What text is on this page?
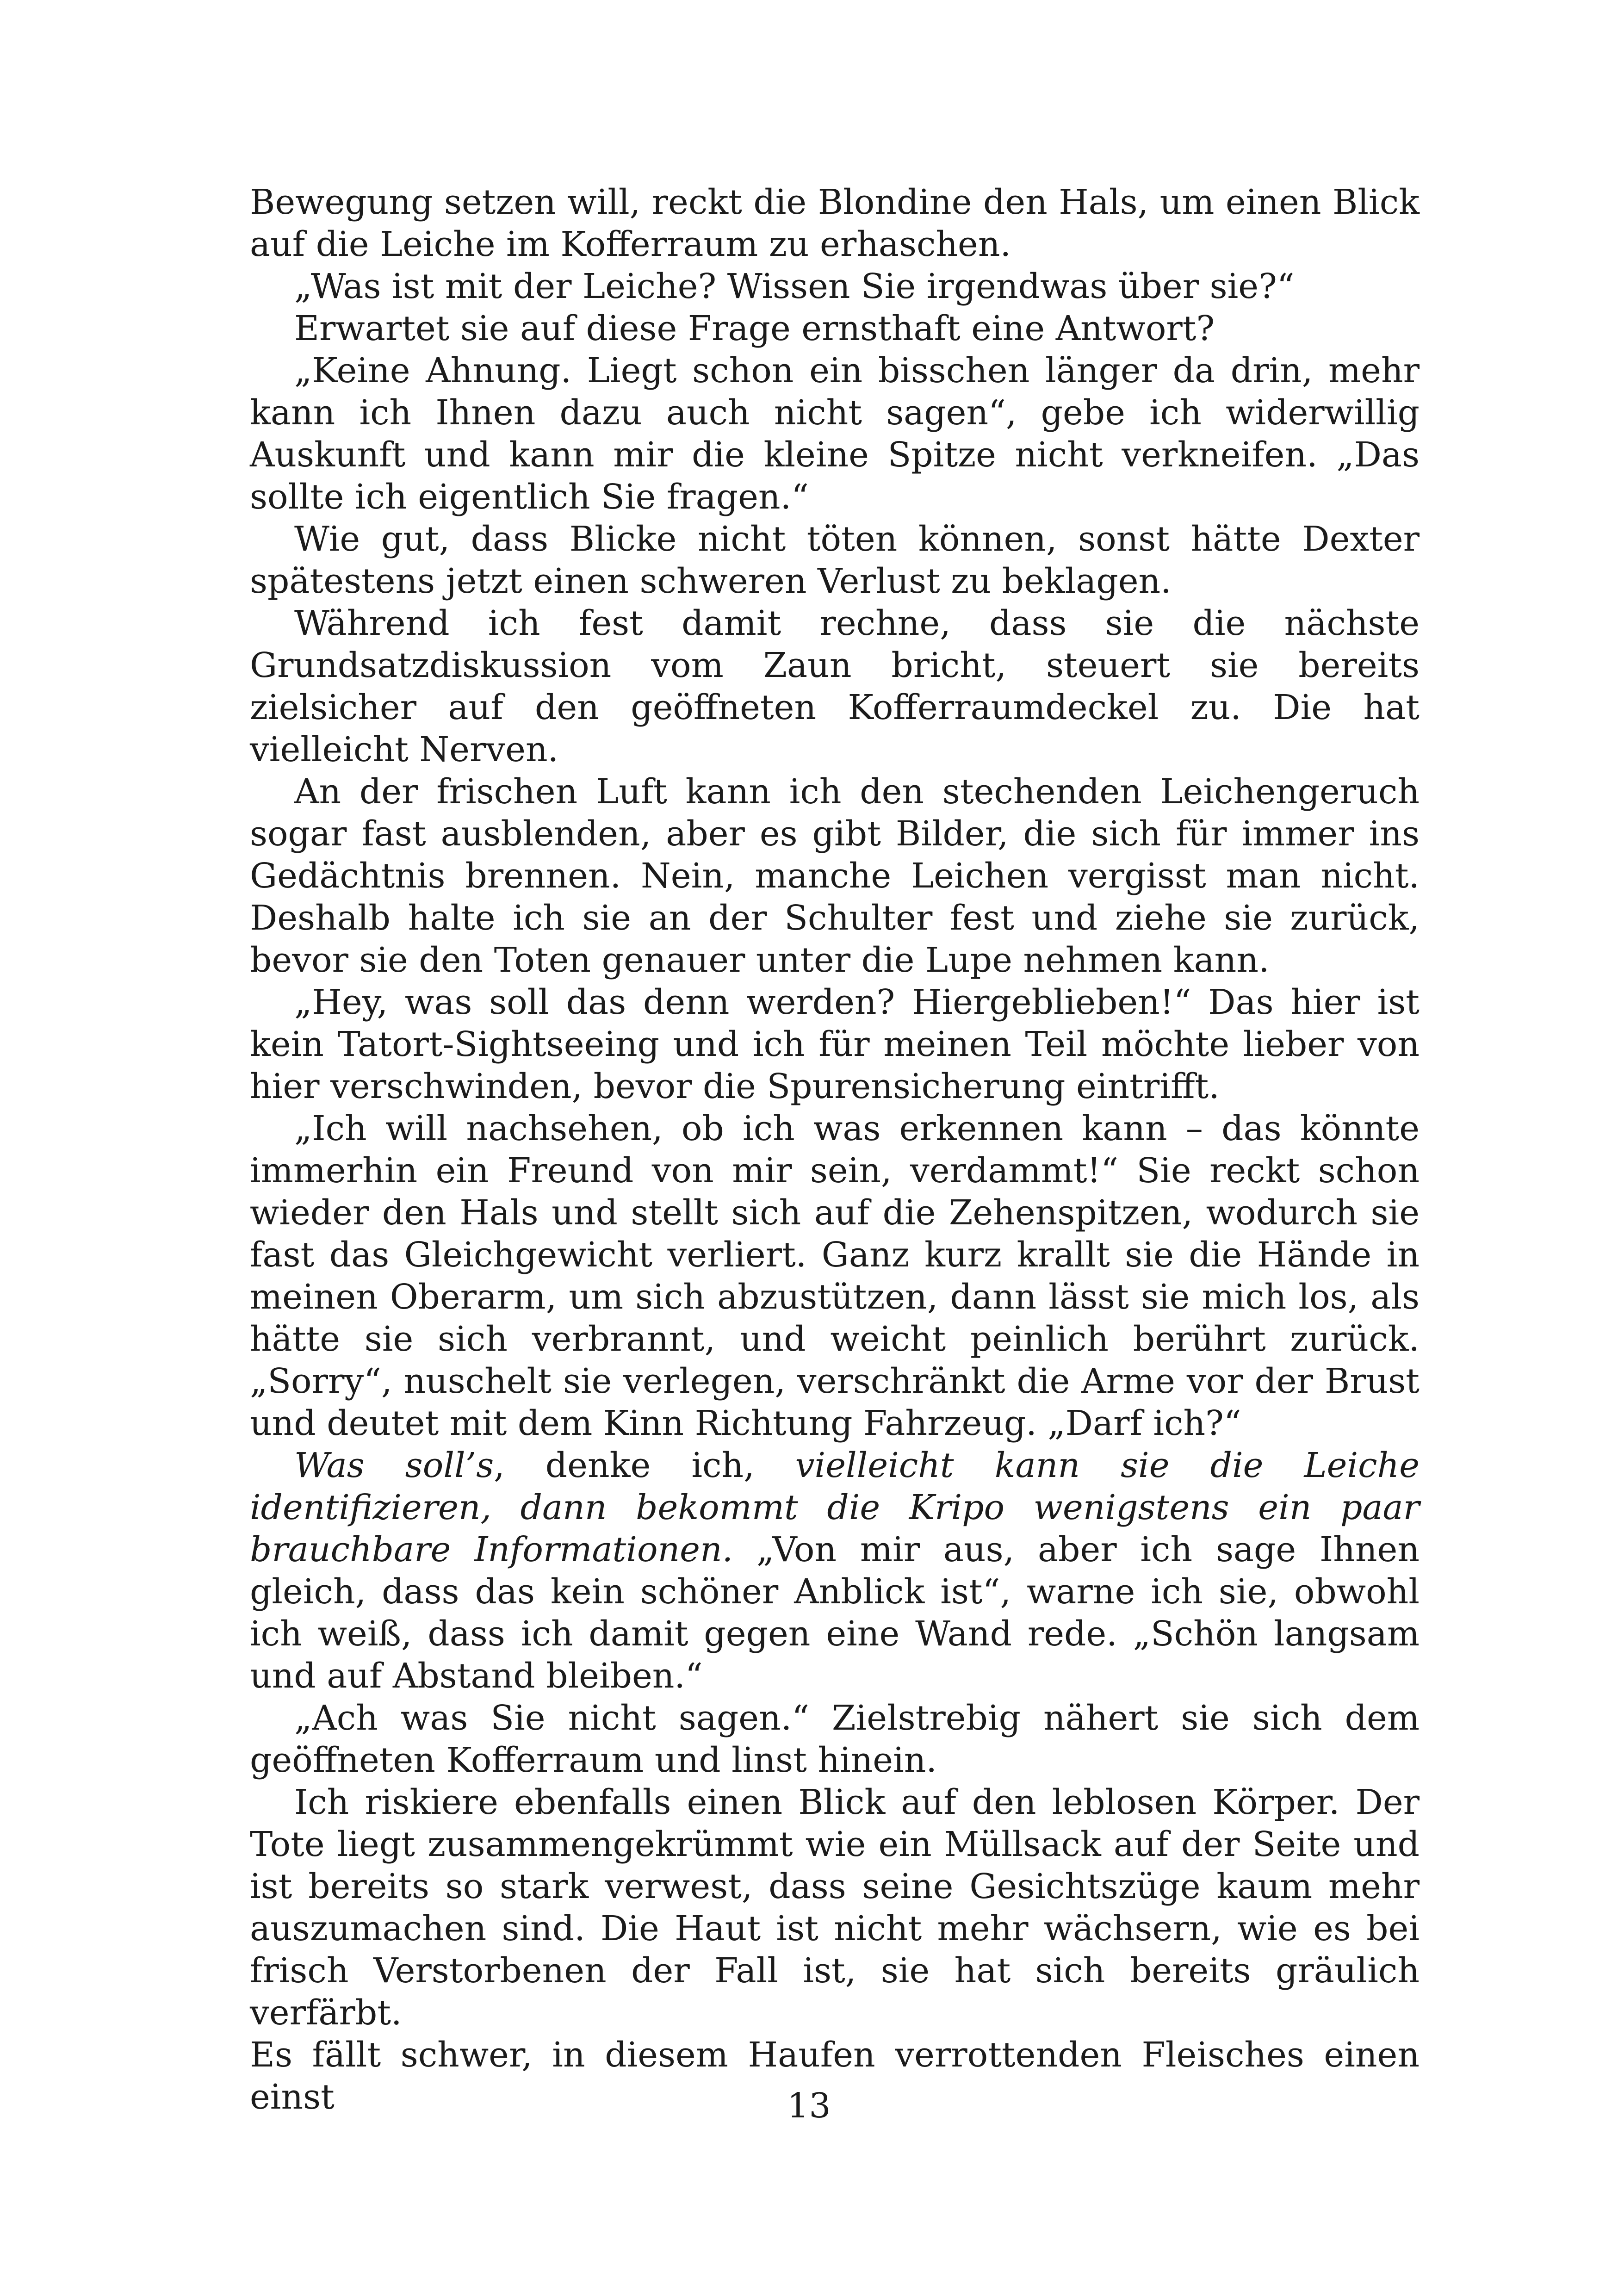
Bewegung setzen will, reckt die Blondine den Hals, um einen Blick auf die Leiche im Kofferraum zu erhaschen.

„Was ist mit der Leiche? Wissen Sie irgendwas über sie?“

Erwartet sie auf diese Frage ernsthaft eine Antwort?

„Keine Ahnung. Liegt schon ein bisschen länger da drin, mehr kann ich Ihnen dazu auch nicht sagen“, gebe ich widerwillig Auskunft und kann mir die kleine Spitze nicht verkneifen. „Das sollte ich eigentlich Sie fragen.“

Wie gut, dass Blicke nicht töten können, sonst hätte Dexter spätestens jetzt einen schweren Verlust zu beklagen.

Während ich fest damit rechne, dass sie die nächste Grundsatzdiskussion vom Zaun bricht, steuert sie bereits zielsicher auf den geöffneten Kofferraumdeckel zu. Die hat vielleicht Nerven.

An der frischen Luft kann ich den stechenden Leichengeruch sogar fast ausblenden, aber es gibt Bilder, die sich für immer ins Gedächtnis brennen. Nein, manche Leichen vergisst man nicht. Deshalb halte ich sie an der Schulter fest und ziehe sie zurück, bevor sie den Toten genauer unter die Lupe nehmen kann.

„Hey, was soll das denn werden? Hiergeblieben!“ Das hier ist kein Tatort-Sightseeing und ich für meinen Teil möchte lieber von hier verschwinden, bevor die Spurensicherung eintrifft.

„Ich will nachsehen, ob ich was erkennen kann – das könnte immerhin ein Freund von mir sein, verdammt!“ Sie reckt schon wieder den Hals und stellt sich auf die Zehenspitzen, wodurch sie fast das Gleichgewicht verliert. Ganz kurz krallt sie die Hände in meinen Oberarm, um sich abzustützen, dann lässt sie mich los, als hätte sie sich verbrannt, und weicht peinlich berührt zurück. „Sorry“, nuschelt sie verlegen, verschränkt die Arme vor der Brust und deutet mit dem Kinn Richtung Fahrzeug. „Darf ich?“

Was soll’s, denke ich, vielleicht kann sie die Leiche identifizieren, dann bekommt die Kripo wenigstens ein paar brauchbare Informationen. „Von mir aus, aber ich sage Ihnen gleich, dass das kein schöner Anblick ist“, warne ich sie, obwohl ich weiß, dass ich damit gegen eine Wand rede. „Schön langsam und auf Abstand bleiben.“

„Ach was Sie nicht sagen.“ Zielstrebig nähert sie sich dem geöffneten Kofferraum und linst hinein.

Ich riskiere ebenfalls einen Blick auf den leblosen Körper. Der Tote liegt zusammengekrümmt wie ein Müllsack auf der Seite und ist bereits so stark verwest, dass seine Gesichtszüge kaum mehr auszumachen sind. Die Haut ist nicht mehr wächsern, wie es bei frisch Verstorbenen der Fall ist, sie hat sich bereits gräulich verfärbt.

Es fällt schwer, in diesem Haufen verrottenden Fleisches einen einst	13
